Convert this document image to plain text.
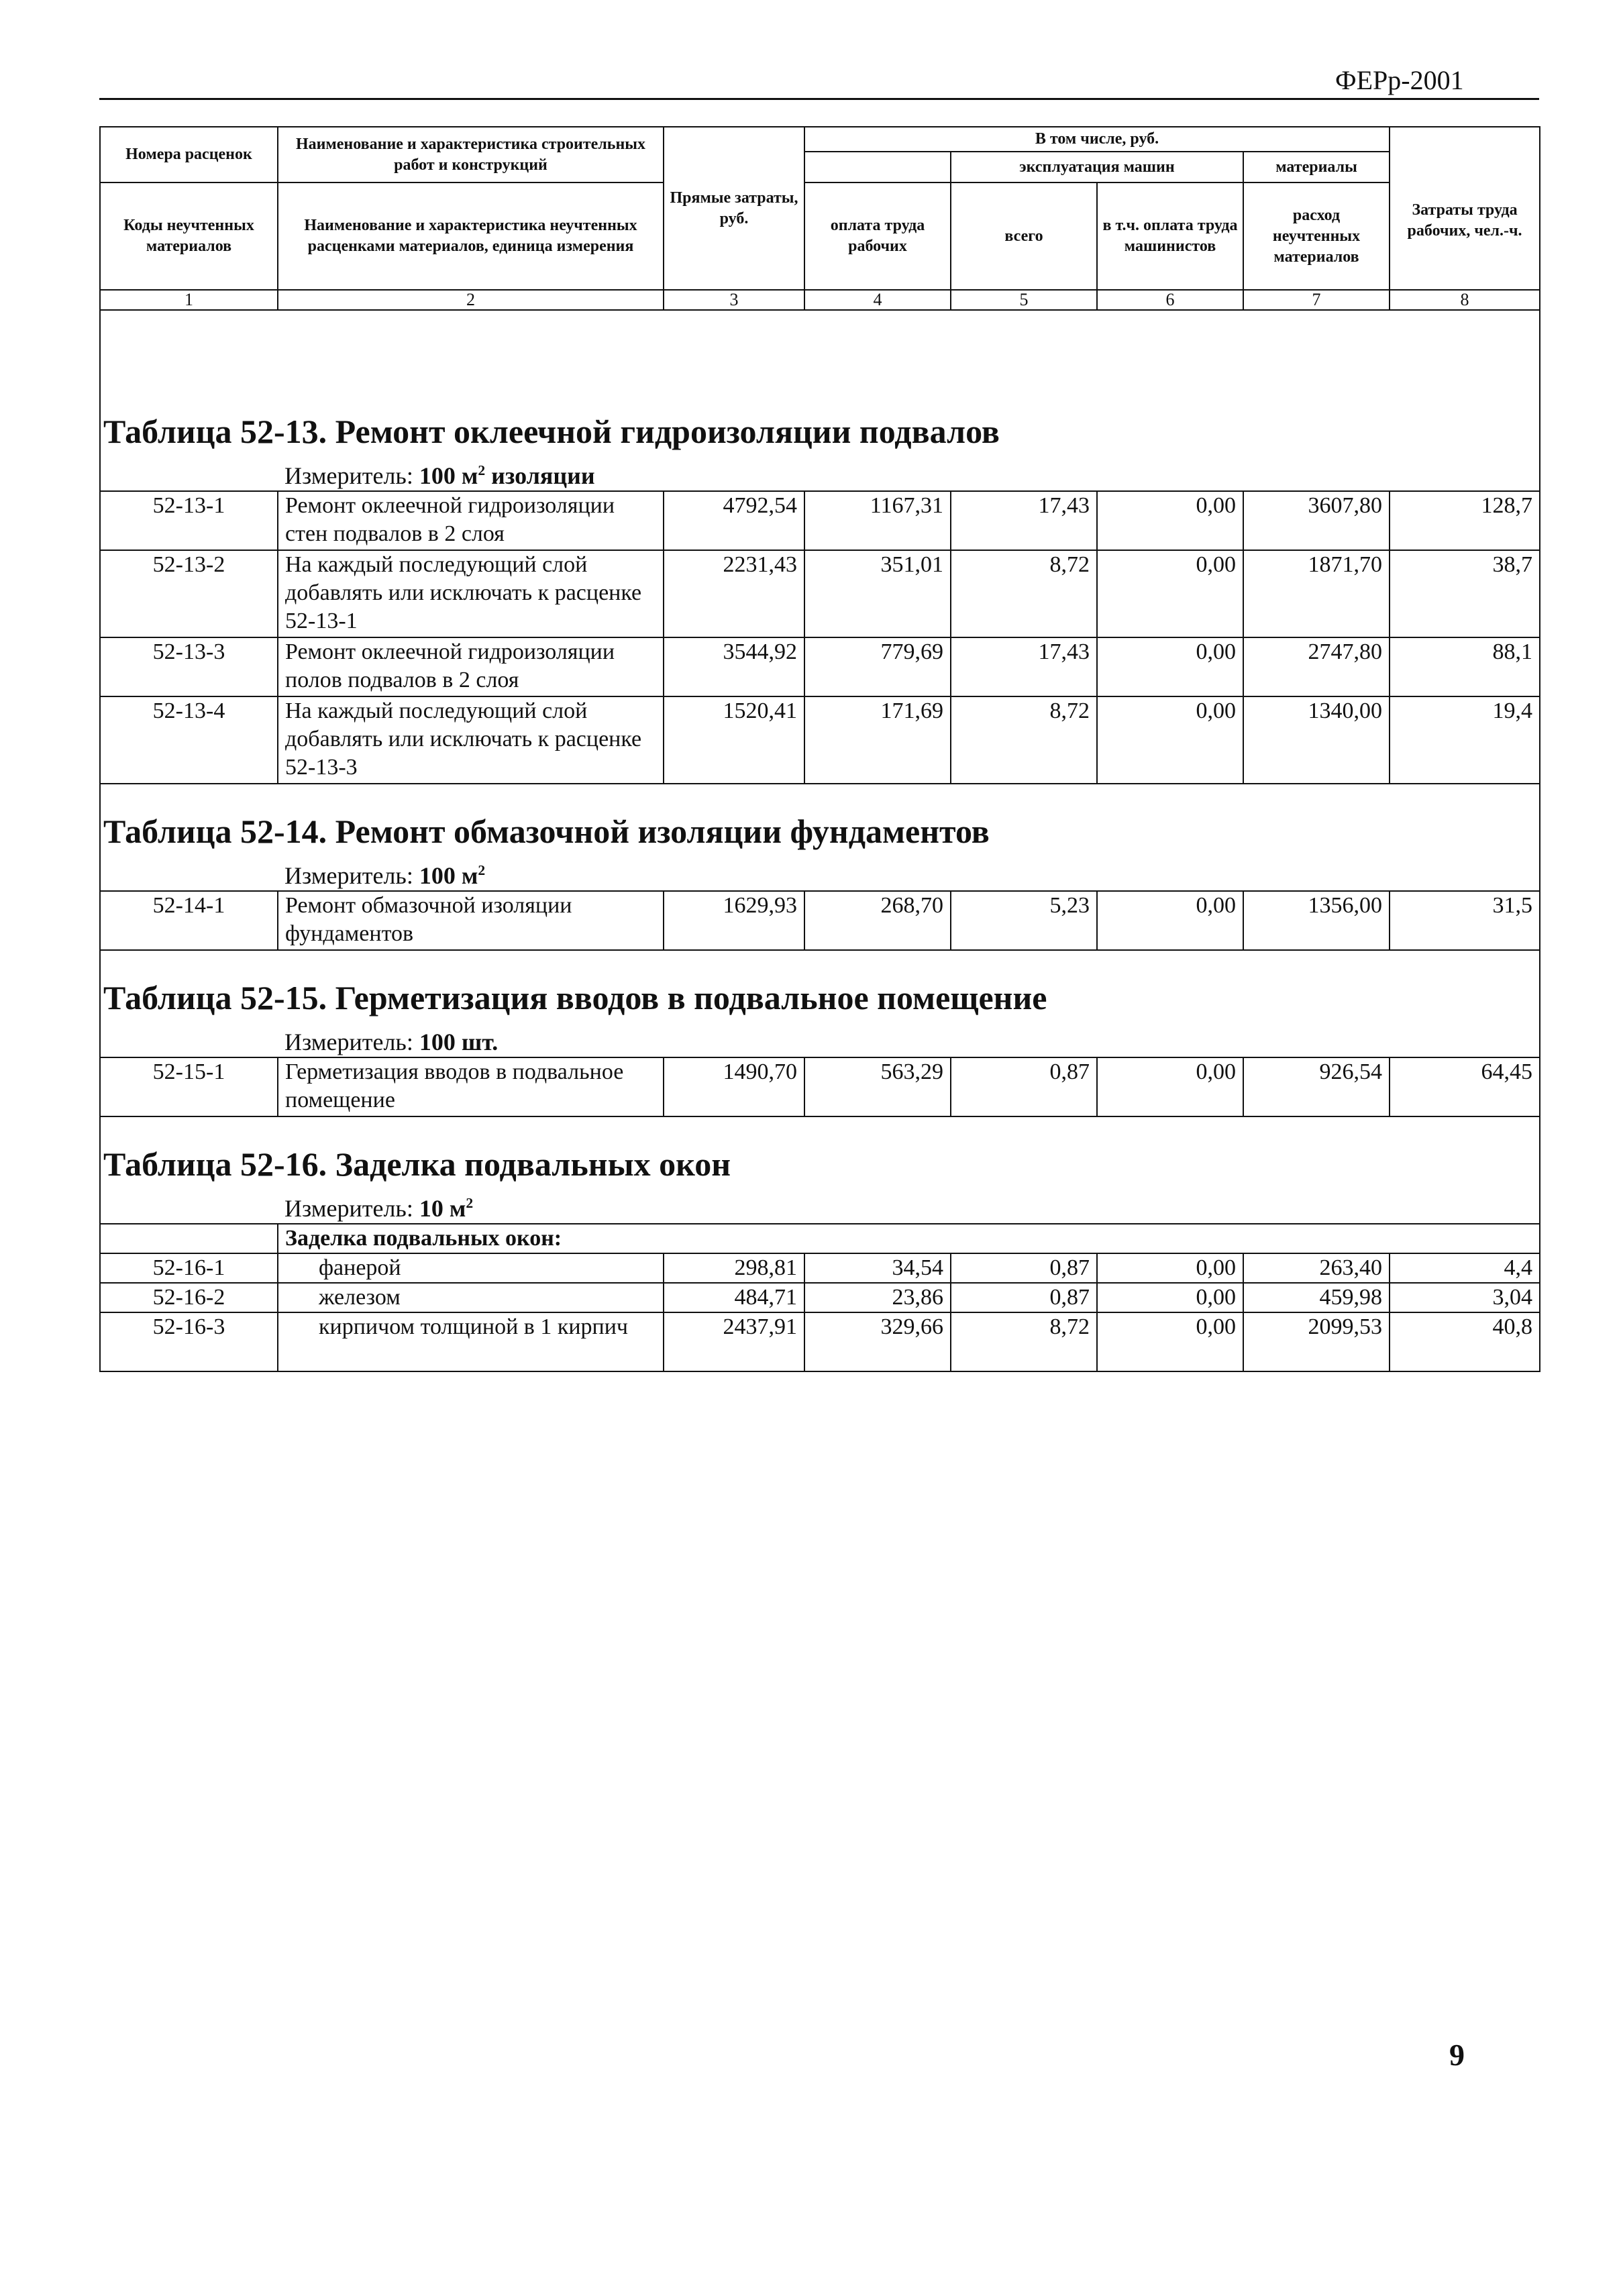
ФЕРр-2001
Номера расценок	Наименование и характеристика строительных работ и конструкций	Прямые затраты, руб.	В том числе, руб.				
				эксплуатация машин		материалы	Затраты труда рабочих, чел.-ч.
Коды неучтенных материалов	Наименование и характеристика неучтенных расценками материалов, единица измерения		оплата труда рабочих	всего	в т.ч. оплата труда машинистов	расход неучтенных материалов	
1	2	3	4	5	6	7	8

Таблица 52-13. Ремонт оклеечной гидроизоляции подвалов							

	Измеритель: 100 $м^2$ изоляции						

52-13-1	Ремонт оклеечной гидроизоляции стен подвалов в 2 слоя	4792,54	1167,31	17,43	0,00	3607,80	128,7
52-13-2	На каждый последующий слой добавлять или исключать к расценке 52-13-1	2231,43	351,01	8,72	0,00	1871,70	38,7
52-13-3	Ремонт оклеечной гидроизоляции полов подвалов в 2 слоя	3544,92	779,69	17,43	0,00	2747,80	88,1
52-13-4	На каждый последующий слой добавлять или исключать к расценке 52-13-3	1520,41	171,69	8,72	0,00	1340,00	19,4

Таблица 52-14. Ремонт обмазочной изоляции фундаментов							

	Измеритель: 100 $м^2$

52-14-1	Ремонт обмазочной изоляции фундаментов	1629,93	268,70	5,23	0,00	1356,00	31,5

Таблица 52-15. Герметизация вводов в подвальное помещение							

	Измеритель: 100 шт.						

52-15-1	Герметизация вводов в подвальное помещение	1490,70	563,29	0,87	0,00	926,54	64,45

Таблица 52-16. Заделка подвальных окон							

	Измеритель: 10 $м^2$

	Заделка подвальных окон:						
52-16-1	фанерой	298,81	34,54	0,87	0,00	263,40	4,4
52-16-2	железом	484,71	23,86	0,87	0,00	459,98	3,04
52-16-3	кирпичом толщиной в 1 кирпич	2437,91	329,66	8,72	0,00	2099,53	40,8
9
